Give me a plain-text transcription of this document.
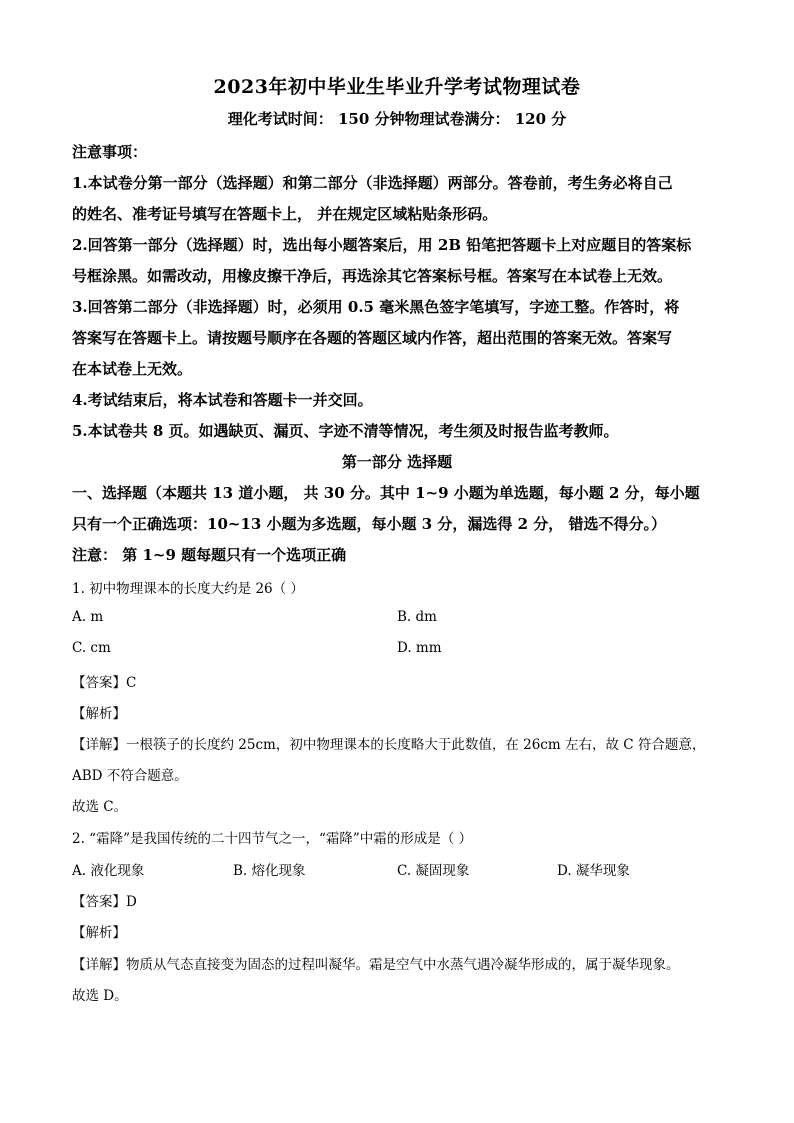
2023年初中毕业生毕业升学考试物理试卷
理化考试时间： 150 分钟物理试卷满分： 120 分
注意事项：
1.本试卷分第一部分（选择题）和第二部分（非选择题）两部分。答卷前，考生务必将自己
的姓名、准考证号填写在答题卡上， 并在规定区域粘贴条形码。
2.回答第一部分（选择题）时，选出每小题答案后，用 2B 铅笔把答题卡上对应题目的答案标
号框涂黑。如需改动，用橡皮擦干净后，再选涂其它答案标号框。答案写在本试卷上无效。
3.回答第二部分（非选择题）时，必须用 0.5 毫米黑色签字笔填写，字迹工整。作答时，将
答案写在答题卡上。请按题号顺序在各题的答题区域内作答，超出范围的答案无效。答案写
在本试卷上无效。
4.考试结束后，将本试卷和答题卡一并交回。
5.本试卷共 8 页。如遇缺页、漏页、字迹不清等情况，考生须及时报告监考教师。
第一部分 选择题
一、选择题（本题共 13 道小题， 共 30 分。其中 1~9 小题为单选题，每小题 2 分，每小题
只有一个正确选项：10~13 小题为多选题，每小题 3 分，漏选得 2 分， 错选不得分。）
注意： 第 1~9 题每题只有一个选项正确
1. 初中物理课本的长度大约是 26（ ）
A. m	B. dm
C. cm	D. mm
【答案】C
【解析】
【详解】一根筷子的长度约 25cm，初中物理课本的长度略大于此数值，在 26cm 左右，故 C 符合题意，
ABD 不符合题意。
故选 C。
2. “霜降”是我国传统的二十四节气之一，“霜降”中霜的形成是（ ）
A. 液化现象	B. 熔化现象	C. 凝固现象	D. 凝华现象
【答案】D
【解析】
【详解】物质从气态直接变为固态的过程叫凝华。霜是空气中水蒸气遇冷凝华形成的，属于凝华现象。
故选 D。
